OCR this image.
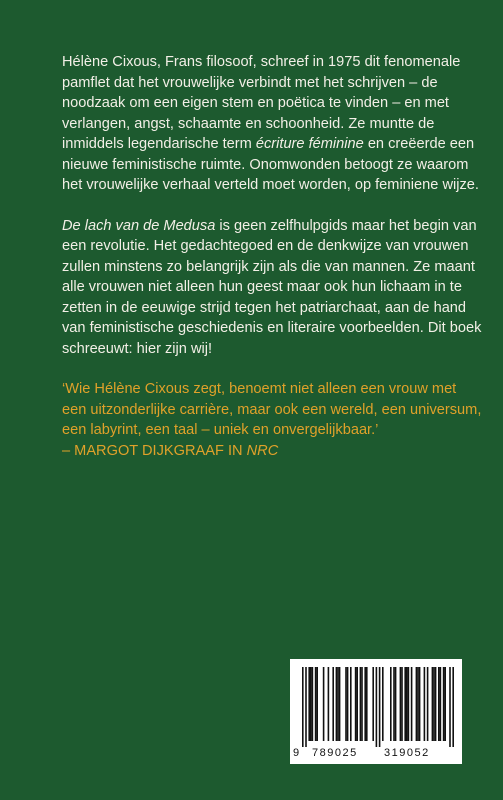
Hélène Cixous, Frans filosoof, schreef in 1975 dit fenomenale pamflet dat het vrouwelijke verbindt met het schrijven – de noodzaak om een eigen stem en poëtica te vinden – en met verlangen, angst, schaamte en schoonheid. Ze muntte de inmiddels legendarische term écriture féminine en creëerde een nieuwe feministische ruimte. Onomwonden betoogt ze waarom het vrouwelijke verhaal verteld moet worden, op feminiene wijze.

De lach van de Medusa is geen zelfhulpgids maar het begin van een revolutie. Het gedachtegoed en de denkwijze van vrouwen zullen minstens zo belangrijk zijn als die van mannen. Ze maant alle vrouwen niet alleen hun geest maar ook hun lichaam in te zetten in de eeuwige strijd tegen het patriarchaat, aan de hand van feministische geschiedenis en literaire voorbeelden. Dit boek schreeuwt: hier zijn wij!

‘Wie Hélène Cixous zegt, benoemt niet alleen een vrouw met een uitzonderlijke carrière, maar ook een wereld, een universum, een labyrint, een taal – uniek en onvergelijkbaar.’
– MARGOT DIJKGRAAF IN NRC

9 789025 319052
